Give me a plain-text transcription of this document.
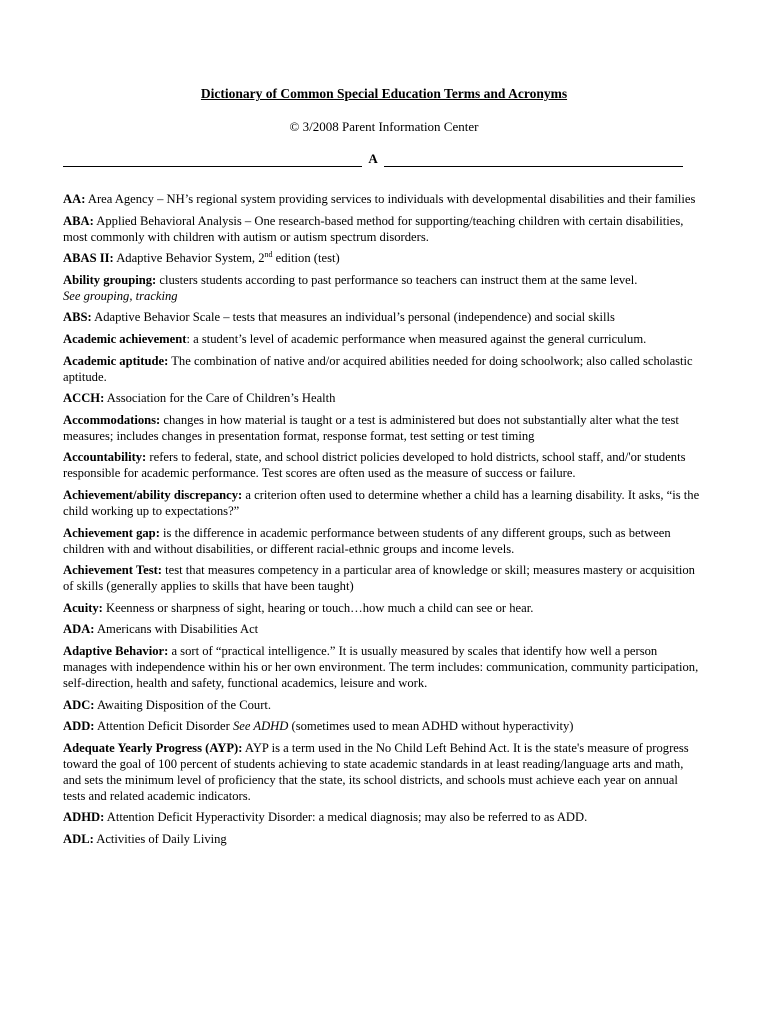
Dictionary of Common Special Education Terms and Acronyms
© 3/2008 Parent Information Center
A
AA: Area Agency – NH’s regional system providing services to individuals with developmental disabilities and their families
ABA: Applied Behavioral Analysis – One research-based method for supporting/teaching children with certain disabilities, most commonly with children with autism or autism spectrum disorders.
ABAS II: Adaptive Behavior System, 2nd edition (test)
Ability grouping: clusters students according to past performance so teachers can instruct them at the same level.
See grouping, tracking
ABS: Adaptive Behavior Scale – tests that measures an individual’s personal (independence) and social skills
Academic achievement: a student’s level of academic performance when measured against the general curriculum.
Academic aptitude: The combination of native and/or acquired abilities needed for doing schoolwork; also called scholastic aptitude.
ACCH: Association for the Care of Children’s Health
Accommodations: changes in how material is taught or a test is administered but does not substantially alter what the test measures; includes changes in presentation format, response format, test setting or test timing
Accountability: refers to federal, state, and school district policies developed to hold districts, school staff, and/'or students responsible for academic performance. Test scores are often used as the measure of success or failure.
Achievement/ability discrepancy: a criterion often used to determine whether a child has a learning disability. It asks, “is the child working up to expectations?”
Achievement gap: is the difference in academic performance between students of any different groups, such as between children with and without disabilities, or different racial-ethnic groups and income levels.
Achievement Test: test that measures competency in a particular area of knowledge or skill; measures mastery or acquisition of skills (generally applies to skills that have been taught)
Acuity: Keenness or sharpness of sight, hearing or touch…how much a child can see or hear.
ADA: Americans with Disabilities Act
Adaptive Behavior: a sort of “practical intelligence.” It is usually measured by scales that identify how well a person manages with independence within his or her own environment. The term includes: communication, community participation, self-direction, health and safety, functional academics, leisure and work.
ADC: Awaiting Disposition of the Court.
ADD: Attention Deficit Disorder See ADHD (sometimes used to mean ADHD without hyperactivity)
Adequate Yearly Progress (AYP): AYP is a term used in the No Child Left Behind Act. It is the state's measure of progress toward the goal of 100 percent of students achieving to state academic standards in at least reading/language arts and math, and sets the minimum level of proficiency that the state, its school districts, and schools must achieve each year on annual tests and related academic indicators.
ADHD: Attention Deficit Hyperactivity Disorder: a medical diagnosis; may also be referred to as ADD.
ADL: Activities of Daily Living
